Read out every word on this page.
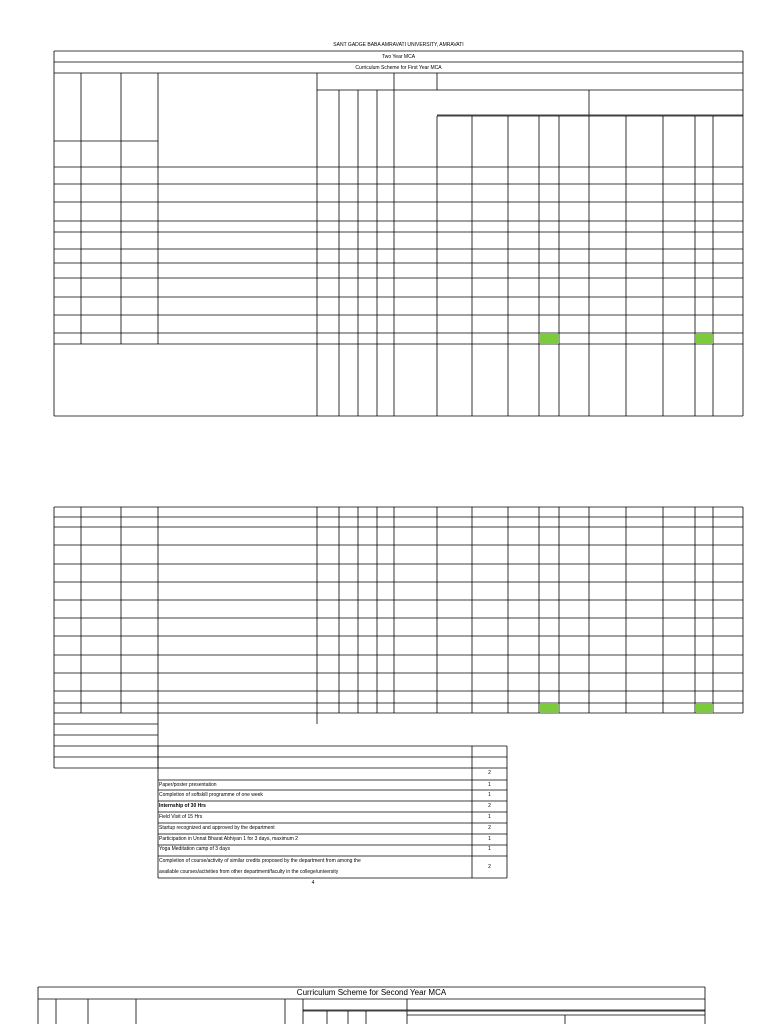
SANT GADGE BABA AMRAVATI UNIVERSITY, AMRAVATI
Two Year MCA
Curriculum Scheme for First Year MCA
2
Paper/poster presentation	1
Completion of softskill programme of one week	1
Internship of 30 Hrs	2
Field Visit of 15 Hrs	1
Startup recognized and approved by the department	2
Participation in Unnat Bharat Abhiyan 1 for 3 days, maximum 2	1
Yoga Meditation camp of 3 days	1
Completion of course/activity of similar credits proposed by the department from among the
available courses/activities from other department/faculty in the college/university
2
4
Curriculum Scheme for Second Year MCA
